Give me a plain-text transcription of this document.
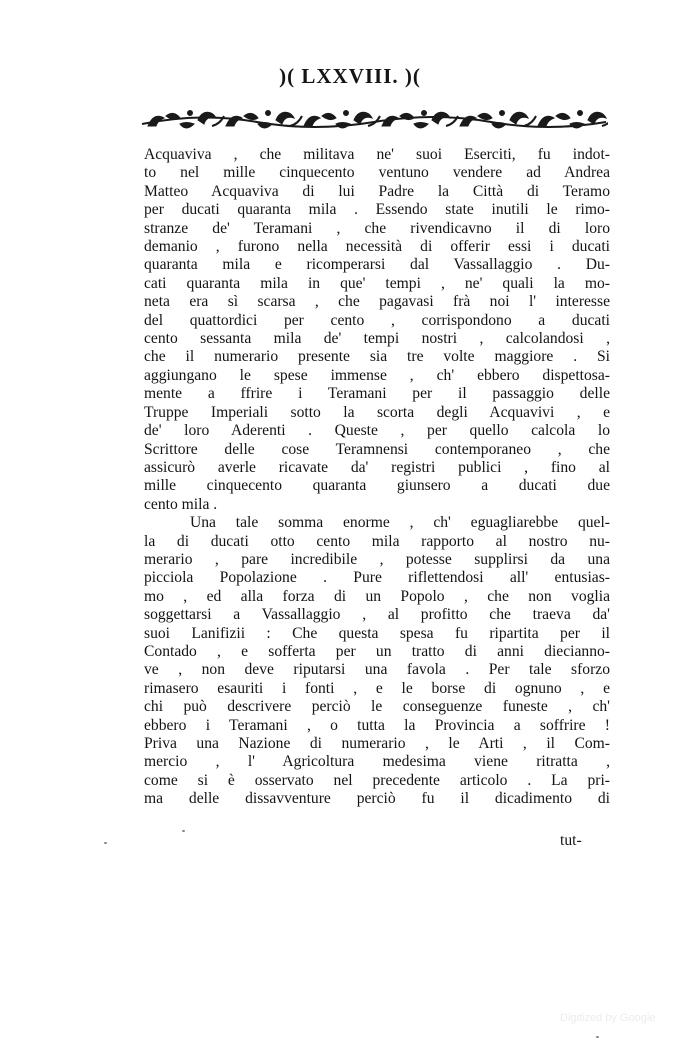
)( LXXVIII. )(
Acquaviva , che militava ne' suoi Eserciti, fu indot-
to nel mille cinquecento ventuno vendere ad Andrea
Matteo Acquaviva di lui Padre la Città di Teramo
per ducati quaranta mila . Essendo state inutili le rimo-
stranze de' Teramani , che rivendicavno il di loro
demanio , furono nella necessità di offerir essi i ducati
quaranta mila e ricomperarsi dal Vassallaggio . Du-
cati quaranta mila in que' tempi , ne' quali la mo-
neta era sì scarsa , che pagavasi frà noi l' interesse
del quattordici per cento , corrispondono a ducati
cento sessanta mila de' tempi nostri , calcolandosi ,
che il numerario presente sia tre volte maggiore . Si
aggiungano le spese immense , ch' ebbero dispettosa-
mente a ffrire i Teramani per il passaggio delle
Truppe Imperiali sotto la scorta degli Acquavivi , e
de' loro Aderenti . Queste , per quello calcola lo
Scrittore delle cose Teramnensi contemporaneo , che
assicurò averle ricavate da' registri publici , fino al
mille cinquecento quaranta giunsero a ducati due
cento mila .
Una tale somma enorme , ch' eguagliarebbe quel-
la di ducati otto cento mila rapporto al nostro nu-
merario , pare incredibile , potesse supplirsi da una
picciola Popolazione . Pure riflettendosi all' entusias-
mo , ed alla forza di un Popolo , che non voglia
soggettarsi a Vassallaggio , al profitto che traeva da'
suoi Lanifizii : Che questa spesa fu ripartita per il
Contado , e sofferta per un tratto di anni dieciannо-
ve , non deve riputarsi una favola . Per tale sforzo
rimasero esauriti i fonti , e le borse di ognuno , e
chi può descrivere perciò le conseguenze funeste , ch'
ebbero i Teramani , o tutta la Provincia a soffrire !
Priva una Nazione di numerario , le Arti , il Com-
mercio , l' Agricoltura medesima viene ritratta ,
come si è osservato nel precedente articolo . La pri-
ma delle dissavventure perciò fu il dicadimento di
tut-
Digitized by Google
